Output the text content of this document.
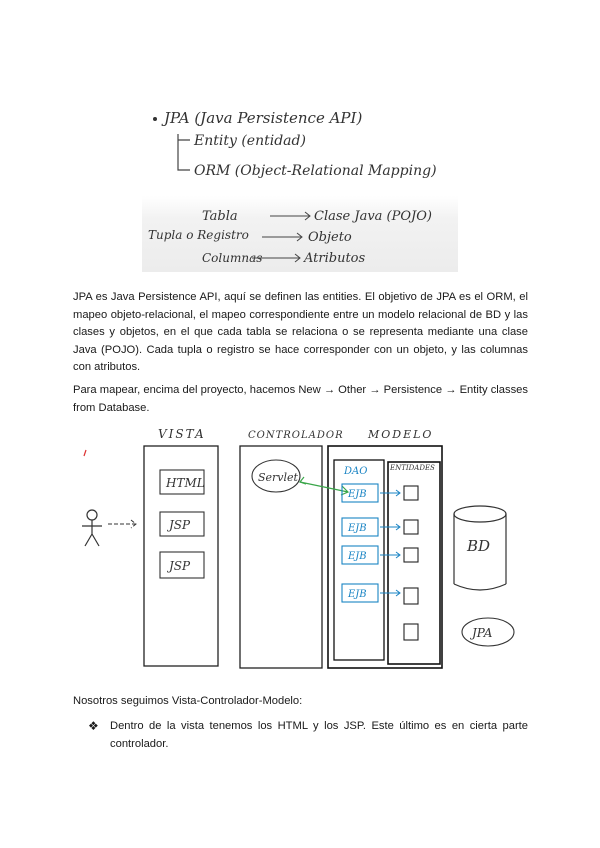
JPA (Java Persistence API)
Entity (entidad)
ORM (Object-Relational Mapping)
Tabla	Clase Java (POJO)
Tupla o Registro	Objeto
Columnas	Atributos

JPA es Java Persistence API, aquí se definen las entities. El objetivo de JPA es el ORM, el mapeo objeto-relacional, el mapeo correspondiente entre un modelo relacional de BD y las clases y objetos, en el que cada tabla se relaciona o se representa mediante una clase Java (POJO). Cada tupla o registro se hace corresponder con un objeto, y las columnas con atributos.

Para mapear, encima del proyecto, hacemos New → Other → Persistence → Entity classes from Database.

VISTA	CONTROLADOR MODELO
HTML
JSP
JSP
Servlet	DAO	ENTIDADES
EJB
EJB
EJB
EJB
BD
JPA

Nosotros seguimos Vista-Controlador-Modelo:

❖	Dentro de la vista tenemos los HTML y los JSP. Este último es en cierta parte controlador.
